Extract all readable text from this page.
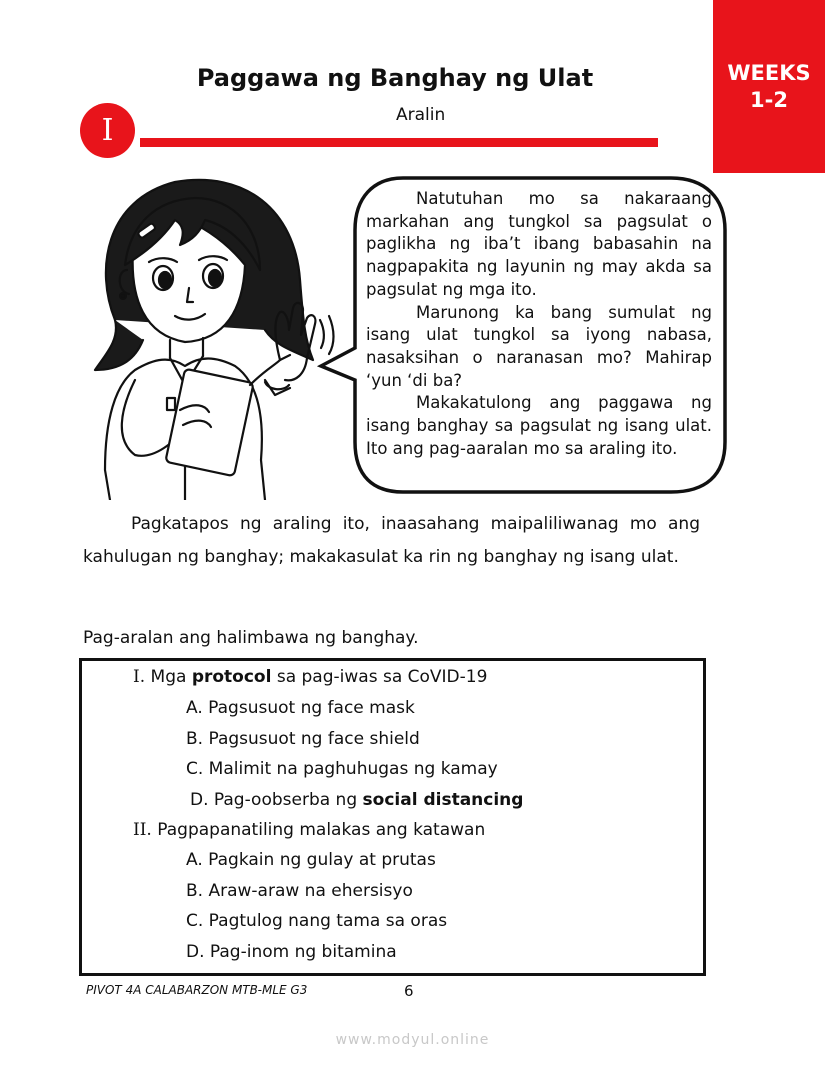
WEEKS
1-2
Paggawa ng Banghay ng Ulat
Aralin
I

Natutuhan mo sa nakaraang markahan ang tungkol sa pagsulat o paglikha ng iba’t ibang babasahin na nagpapakita ng layunin ng may akda sa pagsulat ng mga ito.

Marunong ka bang sumulat ng isang ulat tungkol sa iyong nabasa, nasaksihan o naranasan mo? Mahirap ‘yun ‘di ba?

Makakatulong ang paggawa ng isang banghay sa pagsulat ng isang ulat. Ito ang pag-aaralan mo sa araling ito.

Pagkatapos ng araling ito, inaasahang maipaliliwanag mo ang kahulugan ng banghay; makakasulat ka rin ng banghay ng isang ulat.
Pag-aralan ang halimbawa ng banghay.
I. Mga protocol sa pag-iwas sa CoVID-19
A. Pagsusuot ng face mask
B. Pagsusuot ng face shield
C. Malimit na paghuhugas ng kamay
D. Pag-oobserba ng social distancing
II. Pagpapanatiling malakas ang katawan
A. Pagkain ng gulay at prutas
B. Araw-araw na ehersisyo
C. Pagtulog nang tama sa oras
D. Pag-inom ng bitamina
PIVOT 4A CALABARZON MTB-MLE G3	6
www.modyul.online
